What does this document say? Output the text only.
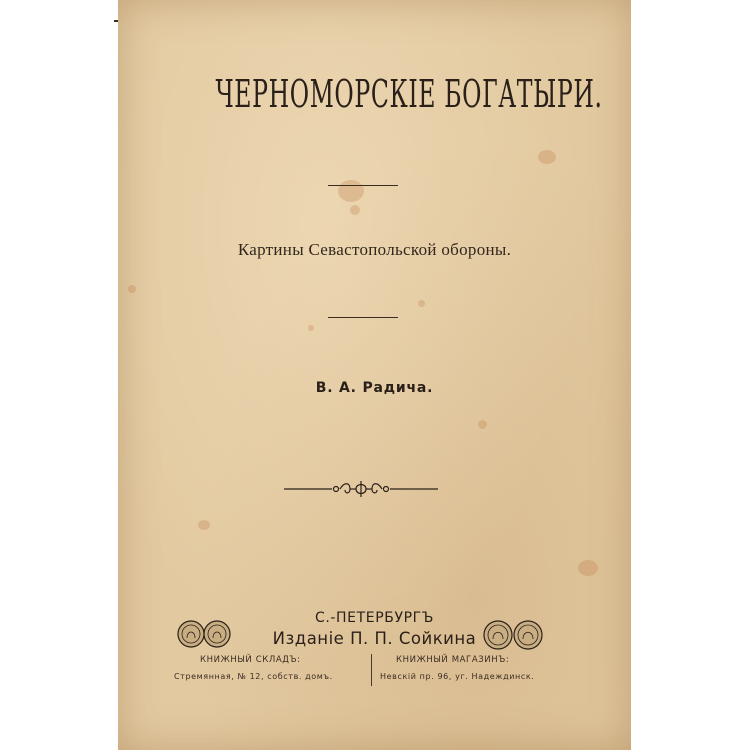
ЧЕРНОМОРСКІЕ БОГАТЫРИ.
Картины Севастопольской обороны.
В. А. Радича.
С.-ПЕТЕРБУРГЪ
Изданіе П. П. Сойкина
КНИЖНЫЙ СКЛАДЪ:
Стремянная, № 12, собств. домъ.
КНИЖНЫЙ МАГАЗИНЪ:
Невскій пр. 96, уг. Надеждинск.
